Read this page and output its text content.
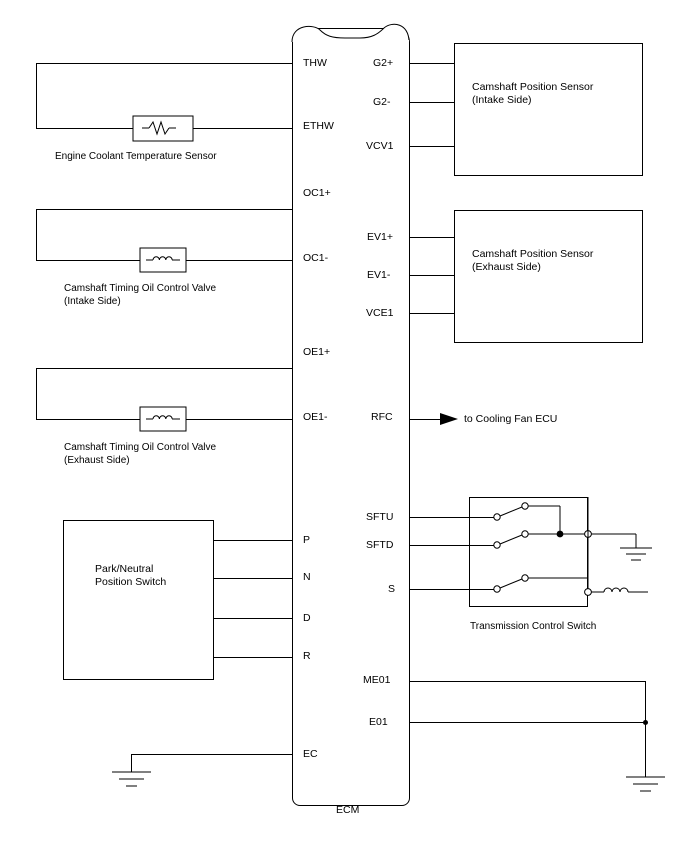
ECM
THW
ETHW
OC1+
OC1-
OE1+
OE1-
P
N
D
R
EC
G2+
G2-
VCV1
EV1+
EV1-
VCE1
RFC
SFTU
SFTD
S
ME01
E01
Engine Coolant Temperature Sensor
Camshaft Timing Oil Control Valve
(Intake Side)
Camshaft Timing Oil Control Valve
(Exhaust Side)
Park/Neutral
Position Switch
Camshaft Position Sensor
(Intake Side)
Camshaft Position Sensor
(Exhaust Side)
to Cooling Fan ECU
Transmission Control Switch
